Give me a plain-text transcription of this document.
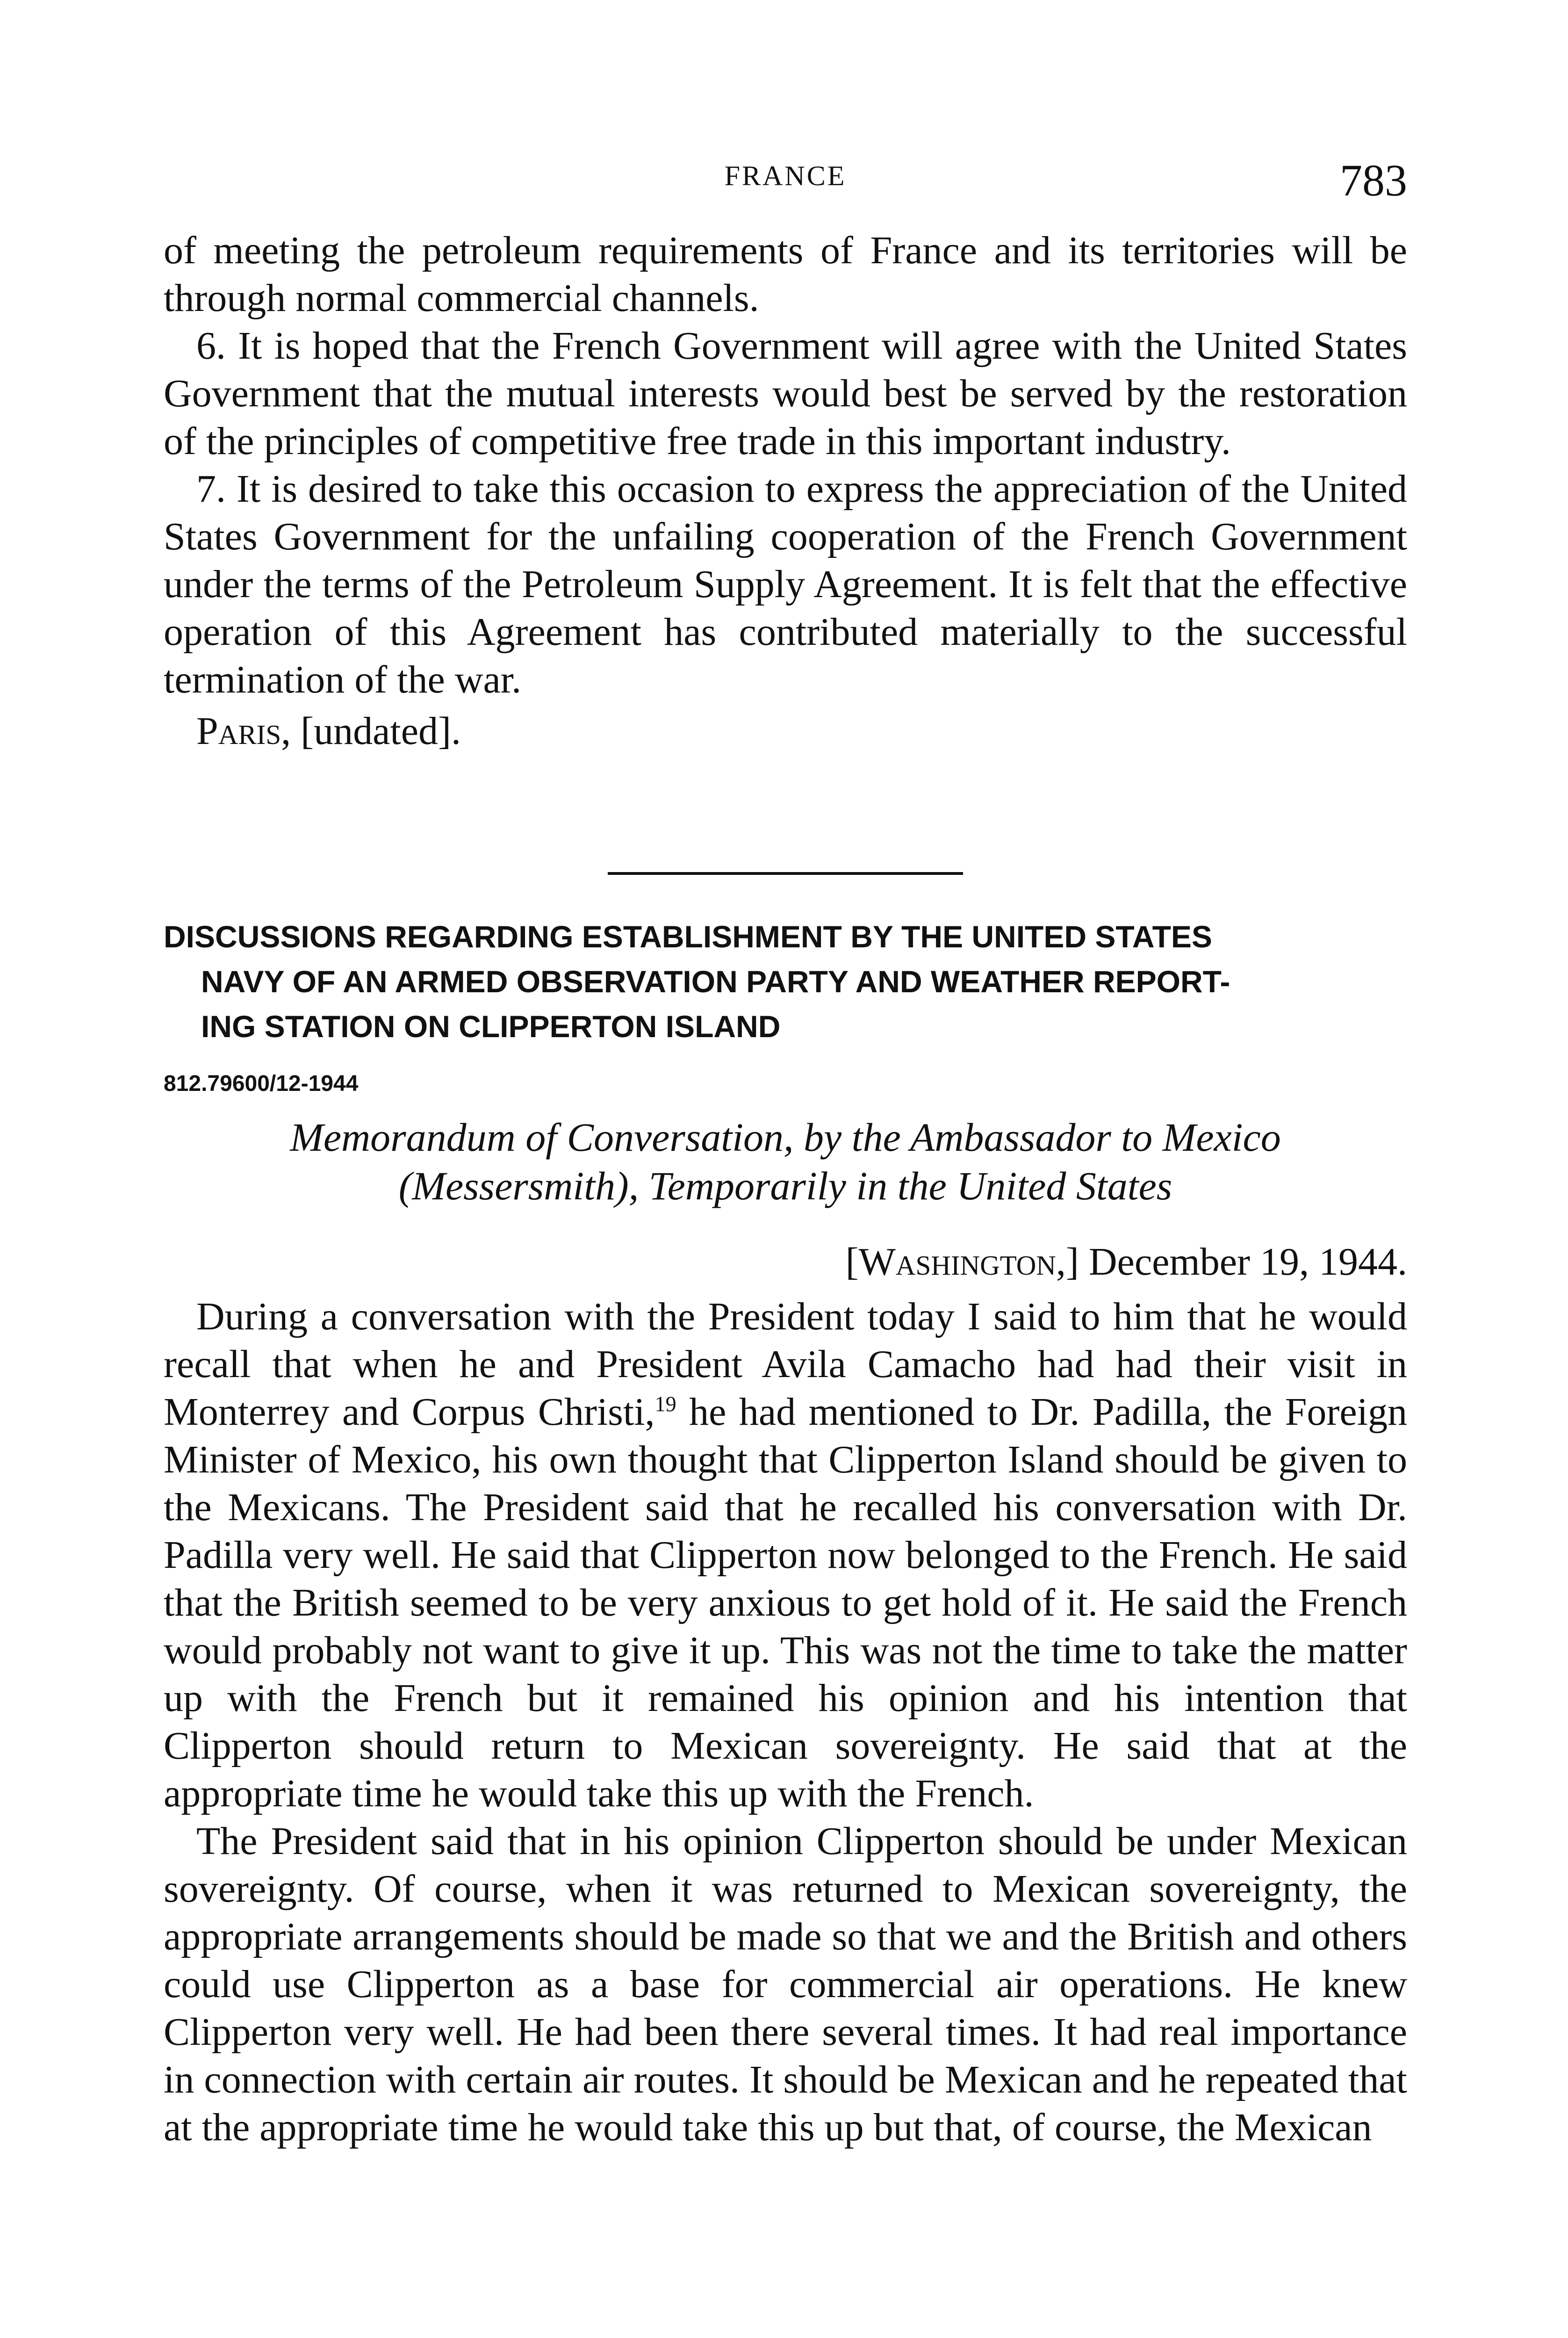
FRANCE	783

of meeting the petroleum requirements of France and its territories will be through normal commercial channels.

6. It is hoped that the French Government will agree with the United States Government that the mutual interests would best be served by the restoration of the principles of competitive free trade in this important industry.

7. It is desired to take this occasion to express the appreciation of the United States Government for the unfailing cooperation of the French Government under the terms of the Petroleum Supply Agreement. It is felt that the effective operation of this Agreement has contributed materially to the successful termination of the war.

Paris, [undated].

DISCUSSIONS REGARDING ESTABLISHMENT BY THE UNITED STATES
NAVY OF AN ARMED OBSERVATION PARTY AND WEATHER REPORT-
ING STATION ON CLIPPERTON ISLAND
812.79600/12-1944
Memorandum of Conversation, by the Ambassador to Mexico
(Messersmith), Temporarily in the United States
[Washington,] December 19, 1944.

During a conversation with the President today I said to him that he would recall that when he and President Avila Camacho had had their visit in Monterrey and Corpus Christi,$^{19}$ he had mentioned to Dr. Padilla, the Foreign Minister of Mexico, his own thought that Clipperton Island should be given to the Mexicans. The President said that he recalled his conversation with Dr. Padilla very well. He said that Clipperton now belonged to the French. He said that the British seemed to be very anxious to get hold of it. He said the French would probably not want to give it up. This was not the time to take the matter up with the French but it remained his opinion and his intention that Clipperton should return to Mexican sovereignty. He said that at the appropriate time he would take this up with the French.

The President said that in his opinion Clipperton should be under Mexican sovereignty. Of course, when it was returned to Mexican sovereignty, the appropriate arrangements should be made so that we and the British and others could use Clipperton as a base for commercial air operations. He knew Clipperton very well. He had been there several times. It had real importance in connection with certain air routes. It should be Mexican and he repeated that at the appropriate time he would take this up but that, of course, the Mexican
